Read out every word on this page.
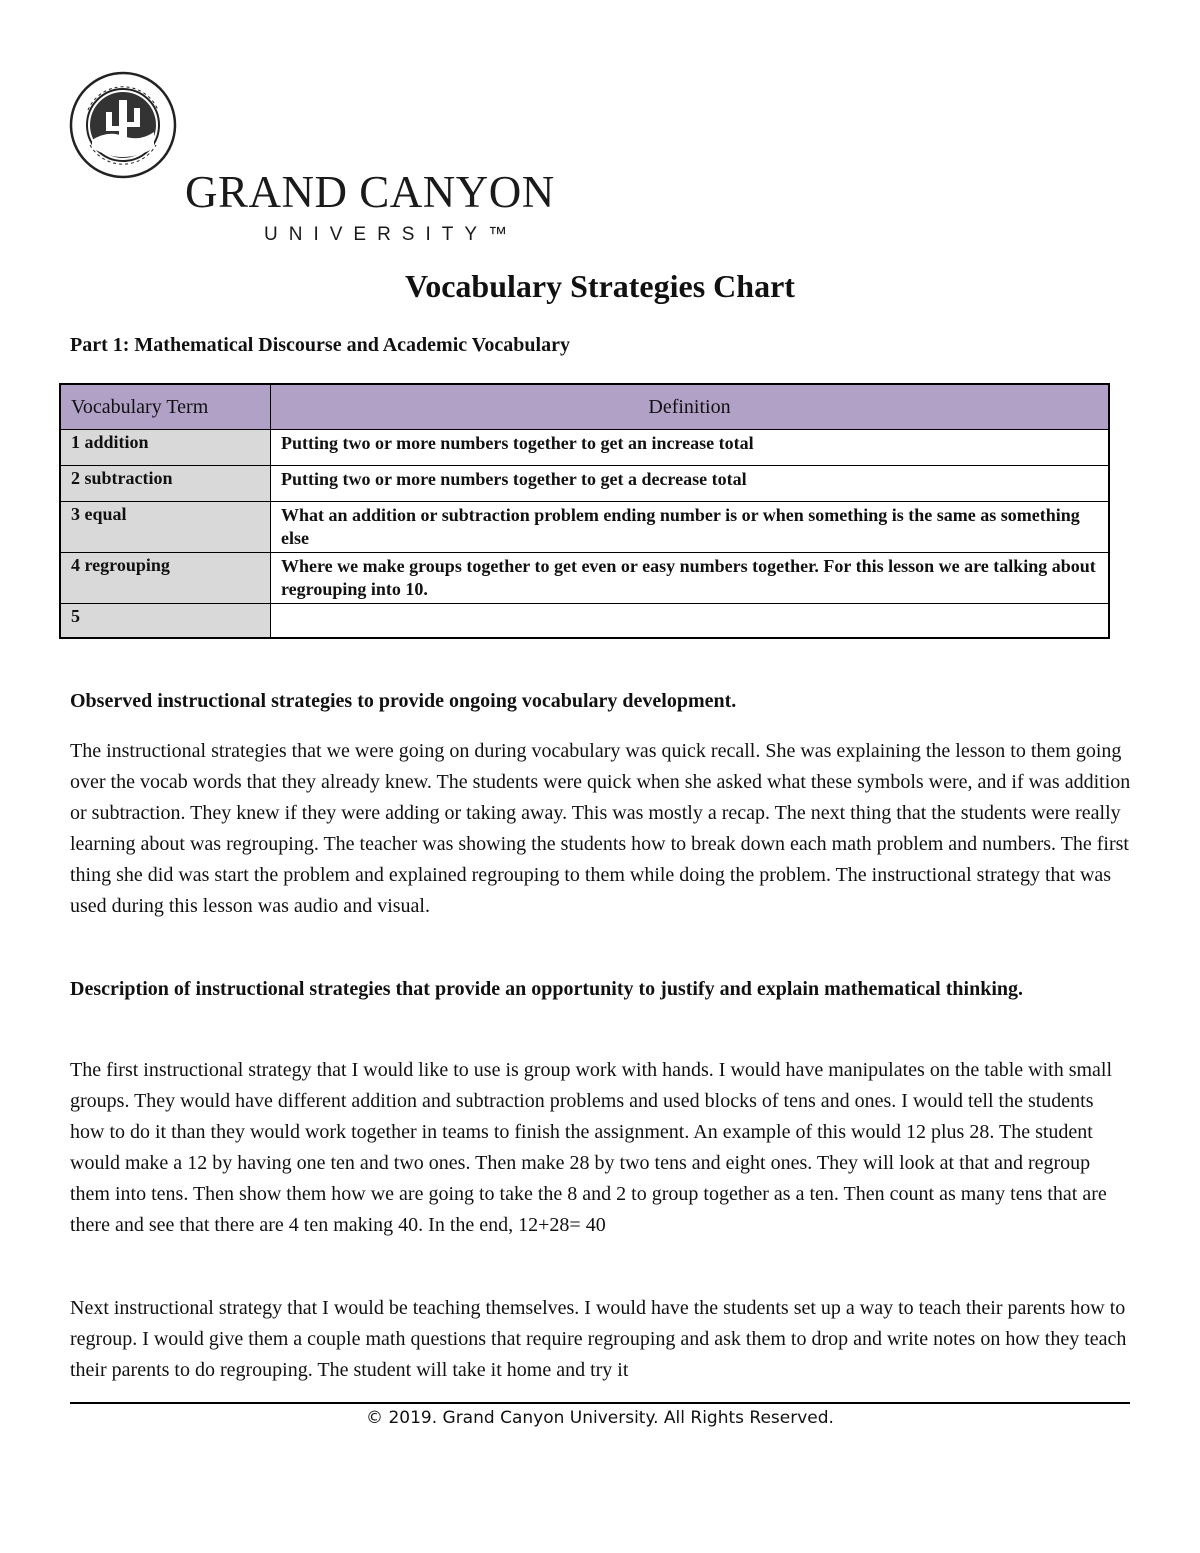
GRAND CANYON
UNIVERSITY™
Vocabulary Strategies Chart

Part 1: Mathematical Discourse and Academic Vocabulary

Vocabulary Term	Definition
1 addition	Putting two or more numbers together to get an increase total
2 subtraction	Putting two or more numbers together to get a decrease total
3 equal	What an addition or subtraction problem ending number is or when something is the same as something else
4 regrouping	Where we make groups together to get even or easy numbers together. For this lesson we are talking about regrouping into 10.
5	

Observed instructional strategies to provide ongoing vocabulary development.

The instructional strategies that we were going on during vocabulary was quick recall. She was explaining the lesson to them going over the vocab words that they already knew. The students were quick when she asked what these symbols were, and if was addition or subtraction. They knew if they were adding or taking away. This was mostly a recap. The next thing that the students were really learning about was regrouping. The teacher was showing the students how to break down each math problem and numbers. The first thing she did was start the problem and explained regrouping to them while doing the problem. The instructional strategy that was used during this lesson was audio and visual.

Description of instructional strategies that provide an opportunity to justify and explain mathematical thinking.

The first instructional strategy that I would like to use is group work with hands. I would have manipulates on the table with small groups. They would have different addition and subtraction problems and used blocks of tens and ones. I would tell the students how to do it than they would work together in teams to finish the assignment. An example of this would 12 plus 28. The student would make a 12 by having one ten and two ones. Then make 28 by two tens and eight ones. They will look at that and regroup them into tens. Then show them how we are going to take the 8 and 2 to group together as a ten. Then count as many tens that are there and see that there are 4 ten making 40. In the end, 12+28= 40

Next instructional strategy that I would be teaching themselves. I would have the students set up a way to teach their parents how to regroup. I would give them a couple math questions that require regrouping and ask them to drop and write notes on how they teach their parents to do regrouping. The student will take it home and try it

© 2019. Grand Canyon University. All Rights Reserved.
